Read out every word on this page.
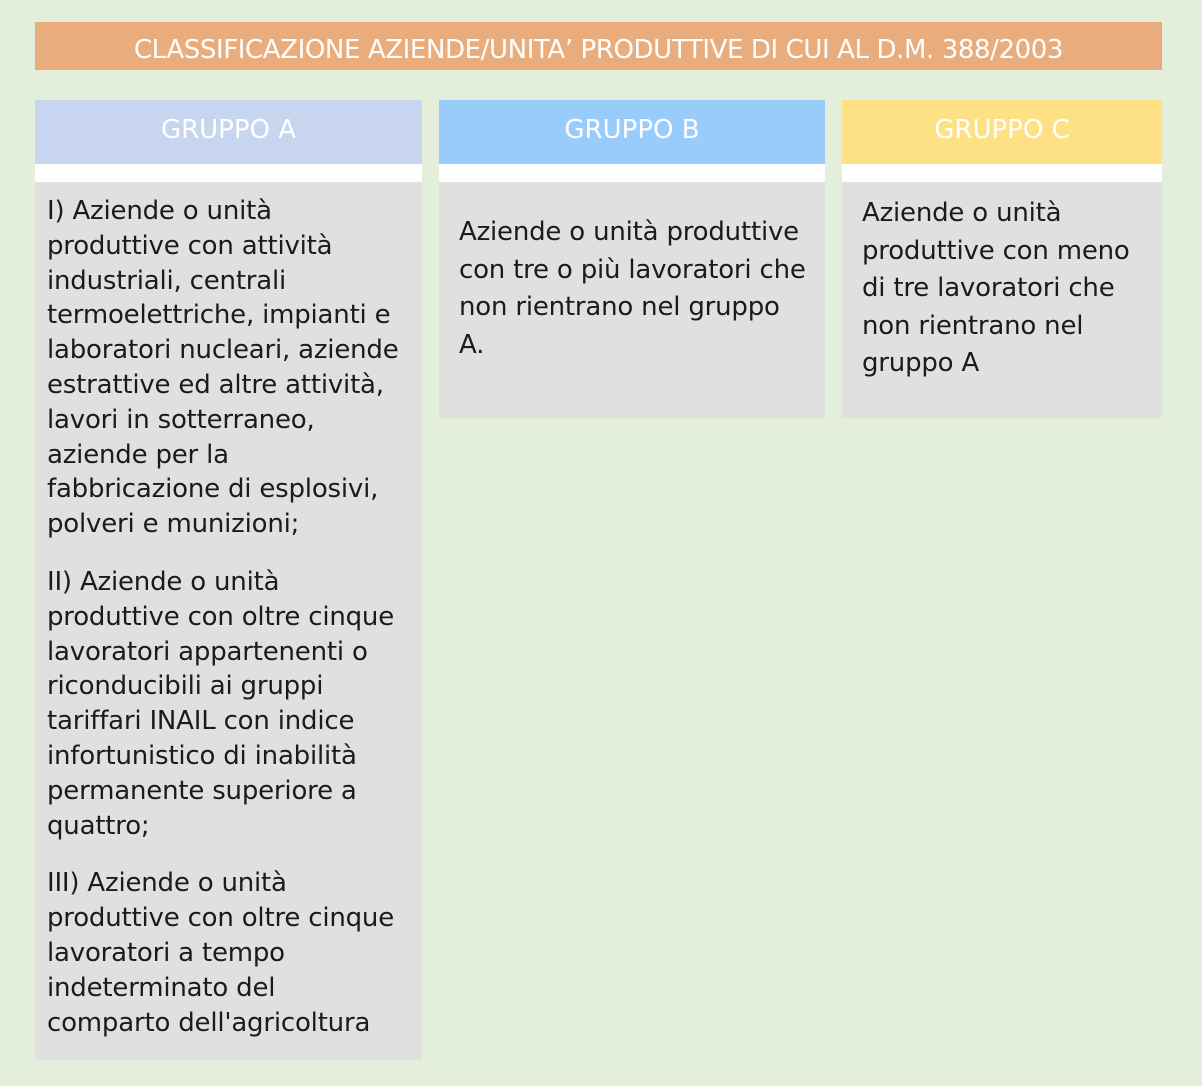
CLASSIFICAZIONE AZIENDE/UNITA’ PRODUTTIVE DI CUI AL D.M. 388/2003
GRUPPO A

I) Aziende o unità produttive con attività industriali, centrali termoelettriche, impianti e laboratori nucleari, aziende estrattive ed altre attività, lavori in sotterraneo, aziende per la fabbricazione di esplosivi, polveri e munizioni;

II) Aziende o unità produttive con oltre cinque lavoratori appartenenti o riconducibili ai gruppi tariffari INAIL con indice infortunistico di inabilità permanente superiore a quattro;

III) Aziende o unità produttive con oltre cinque lavoratori a tempo indeterminato del comparto dell'agricoltura

GRUPPO B

Aziende o unità produttive con tre o più lavoratori che non rientrano nel gruppo A.

GRUPPO C

Aziende o unità produttive con meno di tre lavoratori che non rientrano nel gruppo A
